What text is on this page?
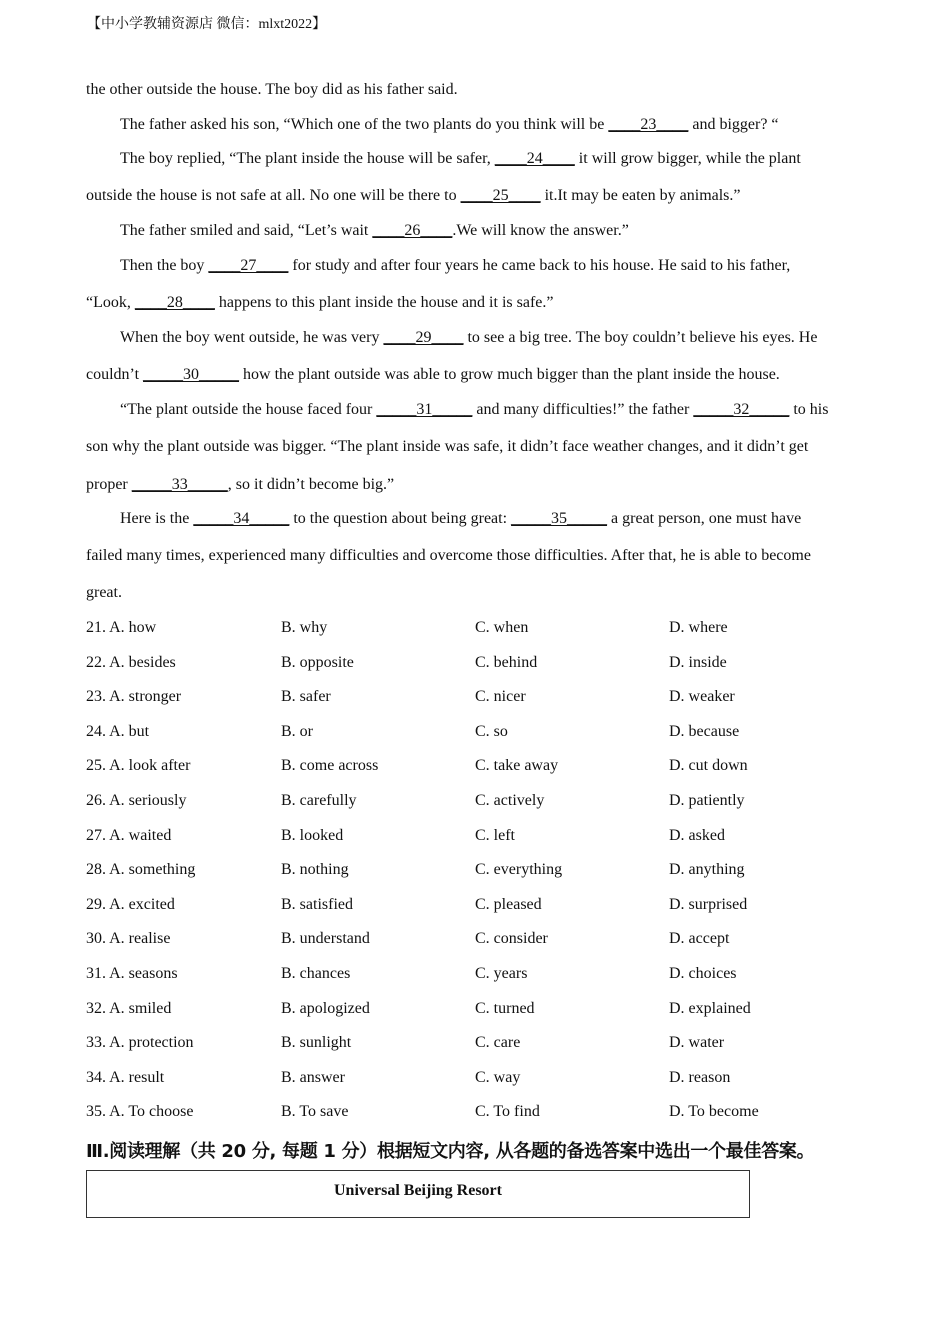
【中小学教辅资源店 微信：mlxt2022】
the other outside the house. The boy did as his father said.
The father asked his son, “Which one of the two plants do you think will be ____23____ and bigger? “
The boy replied, “The plant inside the house will be safer, ____24____ it will grow bigger, while the plant
outside the house is not safe at all. No one will be there to ____25____ it.It may be eaten by animals.”
The father smiled and said, “Let’s wait ____26____.We will know the answer.”
Then the boy ____27____ for study and after four years he came back to his house. He said to his father,
“Look, ____28____ happens to this plant inside the house and it is safe.”
When the boy went outside, he was very ____29____ to see a big tree. The boy couldn’t believe his eyes. He
couldn’t _____30_____ how the plant outside was able to grow much bigger than the plant inside the house.
“The plant outside the house faced four _____31_____ and many difficulties!” the father _____32_____ to his
son why the plant outside was bigger. “The plant inside was safe, it didn’t face weather changes, and it didn’t get
proper _____33_____, so it didn’t become big.”
Here is the _____34_____ to the question about being great: _____35_____ a great person, one must have
failed many times, experienced many difficulties and overcome those difficulties. After that, he is able to become
great.
21. A. how	B. why	C. when	D. where
22. A. besides	B. opposite	C. behind	D. inside
23. A. stronger	B. safer	C. nicer	D. weaker
24. A. but	B. or	C. so	D. because
25. A. look after	B. come across	C. take away	D. cut down
26. A. seriously	B. carefully	C. actively	D. patiently
27. A. waited	B. looked	C. left	D. asked
28. A. something	B. nothing	C. everything	D. anything
29. A. excited	B. satisfied	C. pleased	D. surprised
30. A. realise	B. understand	C. consider	D. accept
31. A. seasons	B. chances	C. years	D. choices
32. A. smiled	B. apologized	C. turned	D. explained
33. A. protection	B. sunlight	C. care	D. water
34. A. result	B. answer	C. way	D. reason
35. A. To choose	B. To save	C. To find	D. To become
Ⅲ.阅读理解（共 20 分, 每题 1 分）根据短文内容, 从各题的备选答案中选出一个最佳答案。
Universal Beijing Resort
